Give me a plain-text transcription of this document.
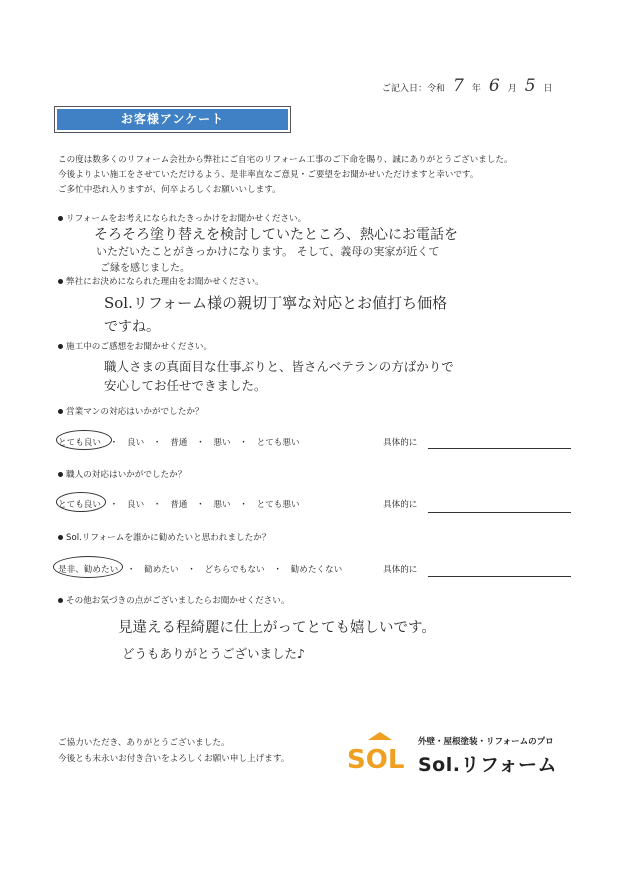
ご記入日：令和 7 年 6 月 5 日
お客様アンケート
この度は数多くのリフォーム会社から弊社にご自宅のリフォーム工事のご下命を賜り、誠にありがとうございました。
今後よりよい施工をさせていただけるよう、是非率直なご意見・ご要望をお聞かせいただけますと幸いです。
ご多忙中恐れ入りますが、何卒よろしくお願いいします。
リフォームをお考えになられたきっかけをお聞かせください。
そろそろ塗り替えを検討していたところ、熱心にお電話を
いただいたことがきっかけになります。 そして、義母の実家が近くて
ご縁を感じました。
弊社にお決めになられた理由をお聞かせください。
Sol.リフォーム様の親切丁寧な対応とお値打ち価格
ですね。
施工中のご感想をお聞かせください。
職人さまの真面目な仕事ぶりと、皆さんベテランの方ばかりで
安心してお任せできました。
営業マンの対応はいかがでしたか？
とても良い ・ 良い ・ 普通 ・ 悪い ・ とても悪い	具体的に
職人の対応はいかがでしたか？
とても良い ・ 良い ・ 普通 ・ 悪い ・ とても悪い	具体的に
Sol.リフォームを誰かに勧めたいと思われましたか？
是非、勧めたい ・ 勧めたい ・ どちらでもない ・ 勧めたくない	具体的に
その他お気づきの点がございましたらお聞かせください。
見違える程綺麗に仕上がってとても嬉しいです。
どうもありがとうございました♪
ご協力いただき、ありがとうございました。
今後とも末永いお付き合いをよろしくお願い申し上げます。 SOL
外壁・屋根塗装・リフォームのプロ
Sol.リフォーム
